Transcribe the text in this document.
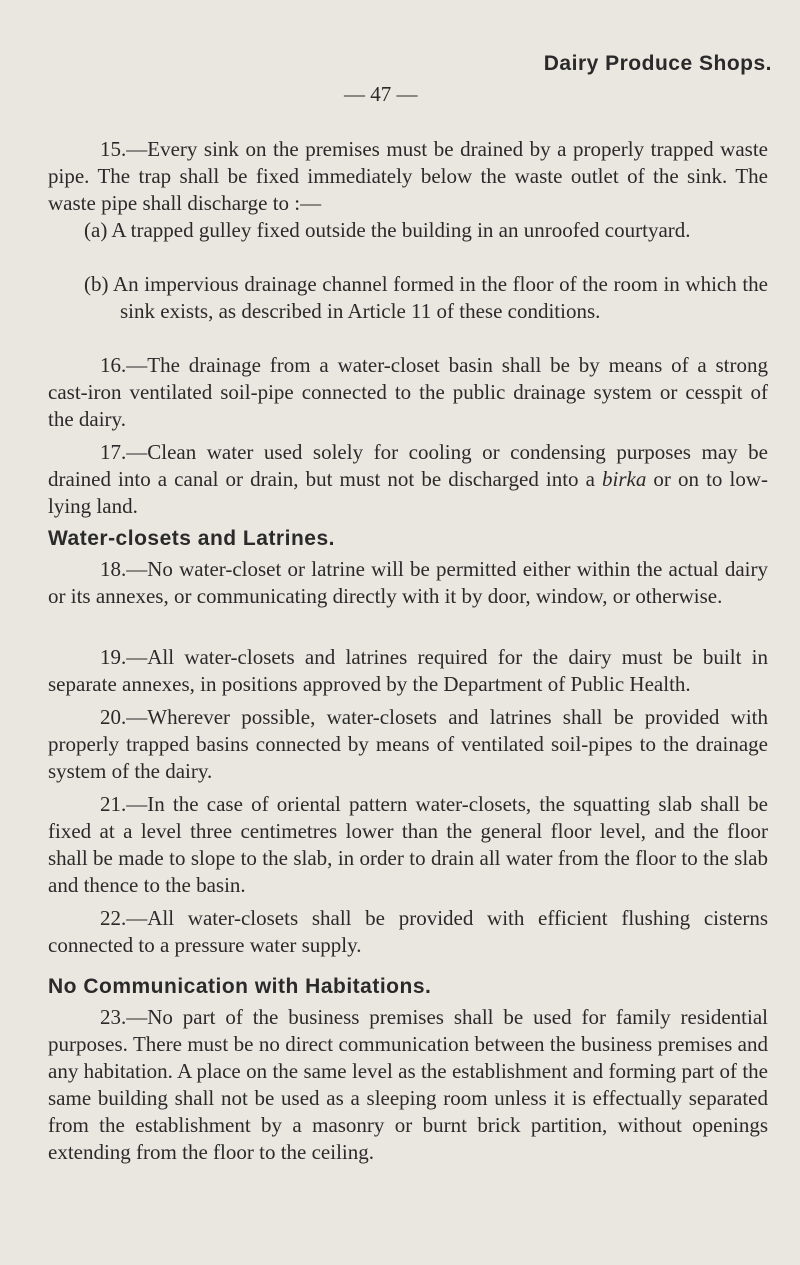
Dairy Produce Shops.
— 47 —
15.—Every sink on the premises must be drained by a properly trapped waste pipe. The trap shall be fixed immediately below the waste outlet of the sink. The waste pipe shall discharge to :—
(a) A trapped gulley fixed outside the building in an unroofed courtyard.
(b) An impervious drainage channel formed in the floor of the room in which the sink exists, as described in Article 11 of these conditions.
16.—The drainage from a water-closet basin shall be by means of a strong cast-iron ventilated soil-pipe connected to the public drainage system or cesspit of the dairy.
17.—Clean water used solely for cooling or condensing purposes may be drained into a canal or drain, but must not be discharged into a birka or on to low-lying land.
Water-closets and Latrines.
18.—No water-closet or latrine will be permitted either within the actual dairy or its annexes, or communicating directly with it by door, window, or otherwise.
19.—All water-closets and latrines required for the dairy must be built in separate annexes, in positions approved by the Department of Public Health.
20.—Wherever possible, water-closets and latrines shall be provided with properly trapped basins connected by means of ventilated soil-pipes to the drainage system of the dairy.
21.—In the case of oriental pattern water-closets, the squatting slab shall be fixed at a level three centimetres lower than the general floor level, and the floor shall be made to slope to the slab, in order to drain all water from the floor to the slab and thence to the basin.
22.—All water-closets shall be provided with efficient flushing cisterns connected to a pressure water supply.
No Communication with Habitations.
23.—No part of the business premises shall be used for family residential purposes. There must be no direct communication between the business premises and any habitation. A place on the same level as the establishment and forming part of the same building shall not be used as a sleeping room unless it is effectually separated from the establishment by a masonry or burnt brick partition, without openings extending from the floor to the ceiling.
